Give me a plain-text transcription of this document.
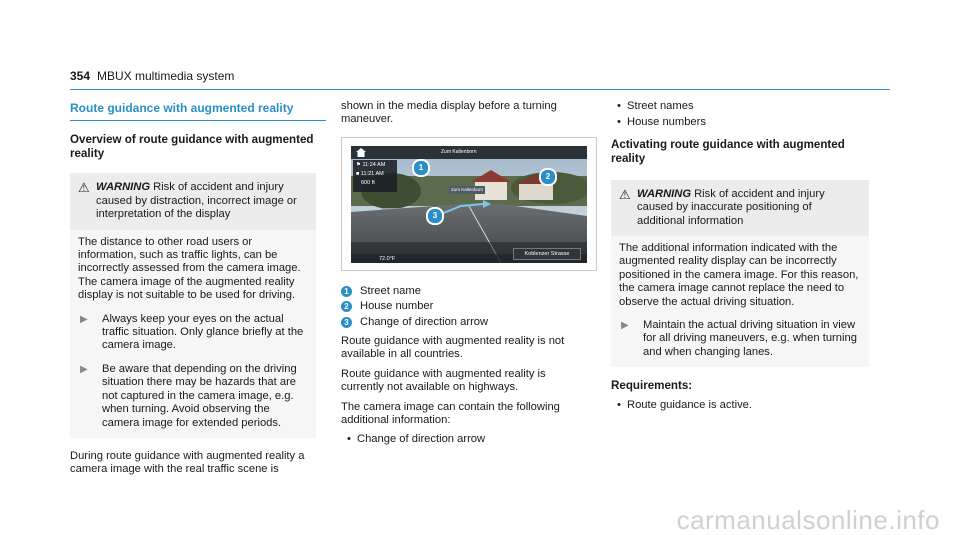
354 MBUX multimedia system
Route guidance with augmented reality
Overview of route guidance with augmented reality
⚠ WARNING Risk of accident and injury caused by distraction, incorrect image or interpretation of the display
The distance to other road users or information, such as traffic lights, can be incorrectly assessed from the camera image. The camera image of the augmented reality display is not suitable to be used for driving.
▶	Always keep your eyes on the actual traffic situation. Only glance briefly at the camera image.
▶	Be aware that depending on the driving situation there may be hazards that are not captured in the camera image, e.g. when turning. Avoid observing the camera image for extended periods.

During route guidance with augmented reality a camera image with the real traffic scene is

shown in the media display before a turning maneuver.

Zum Kaltenborn
⚑ 11:24 AM
■ 11:21 AM
600 ft
Zum Kaltenborn
72.0°F
Koblenzer Strasse
1
2
3
1 Street name
2 House number
3 Change of direction arrow

Route guidance with augmented reality is not available in all countries.

Route guidance with augmented reality is currently not available on highways.

The camera image can contain the following additional information:

• Change of direction arrow
• Street names
• House numbers
Activating route guidance with augmented reality
⚠ WARNING Risk of accident and injury caused by inaccurate positioning of additional information
The additional information indicated with the augmented reality display can be incorrectly positioned in the camera image. For this reason, the camera image cannot replace the need to observe the actual driving situation.
▶	Maintain the actual driving situation in view for all driving maneuvers, e.g. when turning and when changing lanes.
Requirements:
• Route guidance is active.
carmanualsonline.info
